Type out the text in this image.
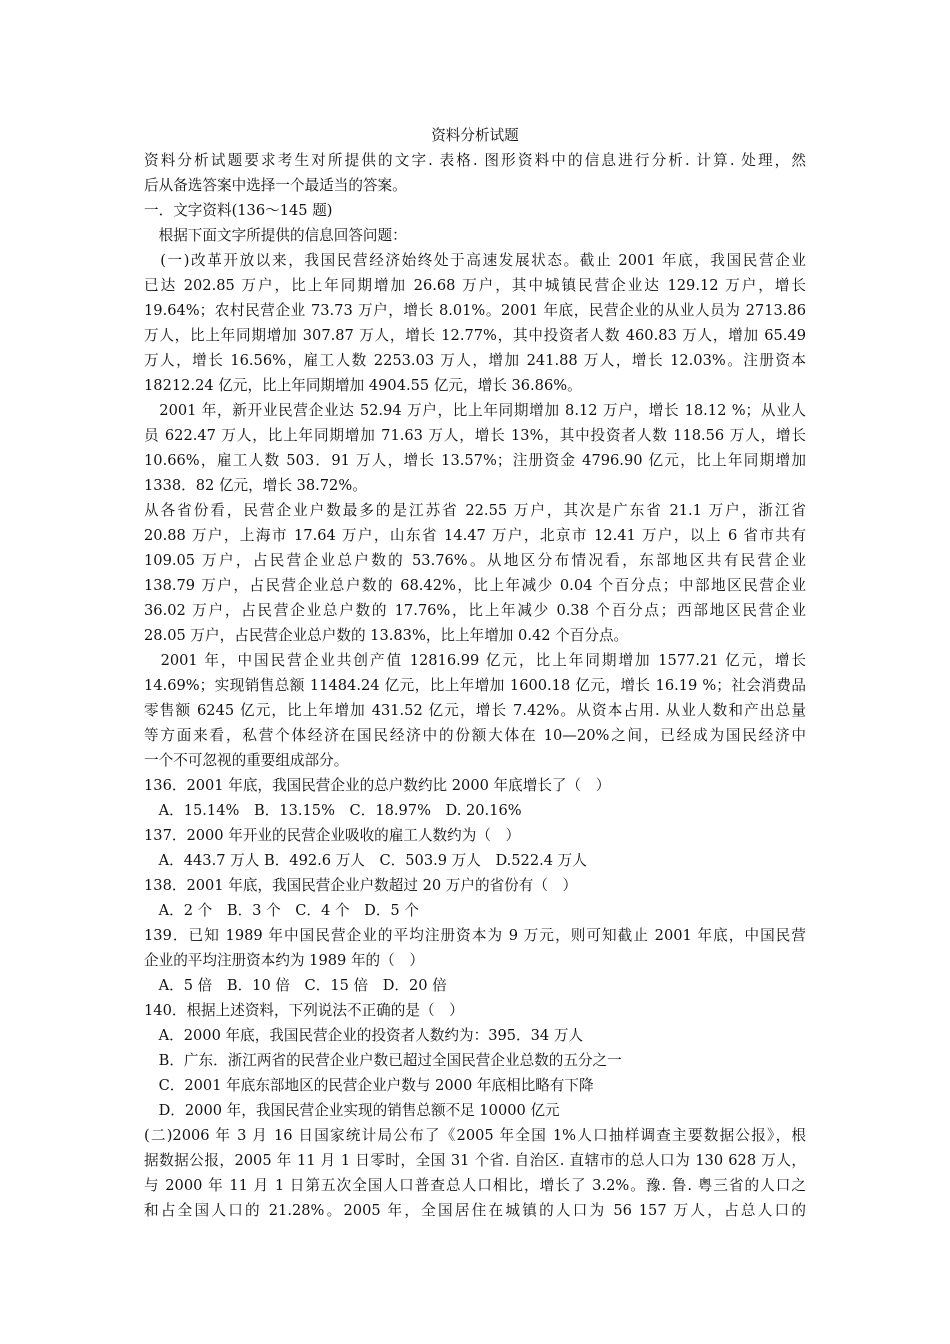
资料分析试题
资料分析试题要求考生对所提供的文字. 表格. 图形资料中的信息进行分析. 计算. 处理，然
后从备选答案中选择一个最适当的答案。
一．文字资料(136～145 题)
　根据下面文字所提供的信息回答问题：
　(一)改革开放以来，我国民营经济始终处于高速发展状态。截止 2001 年底，我国民营企业
已达 202.85 万户，比上年同期增加 26.68 万户，其中城镇民营企业达 129.12 万户，增长
19.64%；农村民营企业 73.73 万户，增长 8.01%。2001 年底，民营企业的从业人员为 2713.86
万人，比上年同期增加 307.87 万人，增长 12.77%，其中投资者人数 460.83 万人，增加 65.49
万人，增长 16.56%，雇工人数 2253.03 万人，增加 241.88 万人，增长 12.03%。注册资本
18212.24 亿元，比上年同期增加 4904.55 亿元，增长 36.86%。
　2001 年，新开业民营企业达 52.94 万户，比上年同期增加 8.12 万户，增长 18.12 %；从业人
员 622.47 万人，比上年同期增加 71.63 万人，增长 13%，其中投资者人数 118.56 万人，增长
10.66%，雇工人数 503．91 万人，增长 13.57%；注册资金 4796.90 亿元，比上年同期增加
1338．82 亿元，增长 38.72%。
从各省份看，民营企业户数最多的是江苏省 22.55 万户，其次是广东省 21.1 万户，浙江省
20.88 万户，上海市 17.64 万户，山东省 14.47 万户，北京市 12.41 万户，以上 6 省市共有
109.05 万户，占民营企业总户数的 53.76%。从地区分布情况看，东部地区共有民营企业
138.79 万户，占民营企业总户数的 68.42%，比上年减少 0.04 个百分点；中部地区民营企业
36.02 万户，占民营企业总户数的 17.76%，比上年减少 0.38 个百分点；西部地区民营企业
28.05 万户，占民营企业总户数的 13.83%，比上年增加 0.42 个百分点。
　2001 年，中国民营企业共创产值 12816.99 亿元，比上年同期增加 1577.21 亿元，增长
14.69%；实现销售总额 11484.24 亿元，比上年增加 1600.18 亿元，增长 16.19 %；社会消费品
零售额 6245 亿元，比上年增加 431.52 亿元，增长 7.42%。从资本占用. 从业人数和产出总量
等方面来看，私营个体经济在国民经济中的份额大体在 10—20%之间，已经成为国民经济中
一个不可忽视的重要组成部分。
136．2001 年底，我国民营企业的总户数约比 2000 年底增长了（　）
　A．15.14%　B．13.15%　C．18.97%　D. 20.16%
137．2000 年开业的民营企业吸收的雇工人数约为（　）
　A．443.7 万人 B．492.6 万人　C．503.9 万人　D.522.4 万人
138．2001 年底，我国民营企业户数超过 20 万户的省份有（　）
　A．2 个　B．3 个　C．4 个　D．5 个
139．已知 1989 年中国民营企业的平均注册资本为 9 万元，则可知截止 2001 年底，中国民营
企业的平均注册资本约为 1989 年的（　）
　A．5 倍　B．10 倍　C．15 倍　D．20 倍
140．根据上述资料，下列说法不正确的是（　）
　A．2000 年底，我国民营企业的投资者人数约为：395．34 万人
　B．广东．浙江两省的民营企业户数已超过全国民营企业总数的五分之一
　C．2001 年底东部地区的民营企业户数与 2000 年底相比略有下降
　D．2000 年，我国民营企业实现的销售总额不足 10000 亿元
(二)2006 年 3 月 16 日国家统计局公布了《2005 年全国 1%人口抽样调查主要数据公报》，根
据数据公报，2005 年 11 月 1 日零时，全国 31 个省. 自治区. 直辖市的总人口为 130 628 万人，
与 2000 年 11 月 1 日第五次全国人口普查总人口相比，增长了 3.2%。豫. 鲁. 粤三省的人口之
和占全国人口的 21.28%。2005 年，全国居住在城镇的人口为 56 157 万人，占总人口的
